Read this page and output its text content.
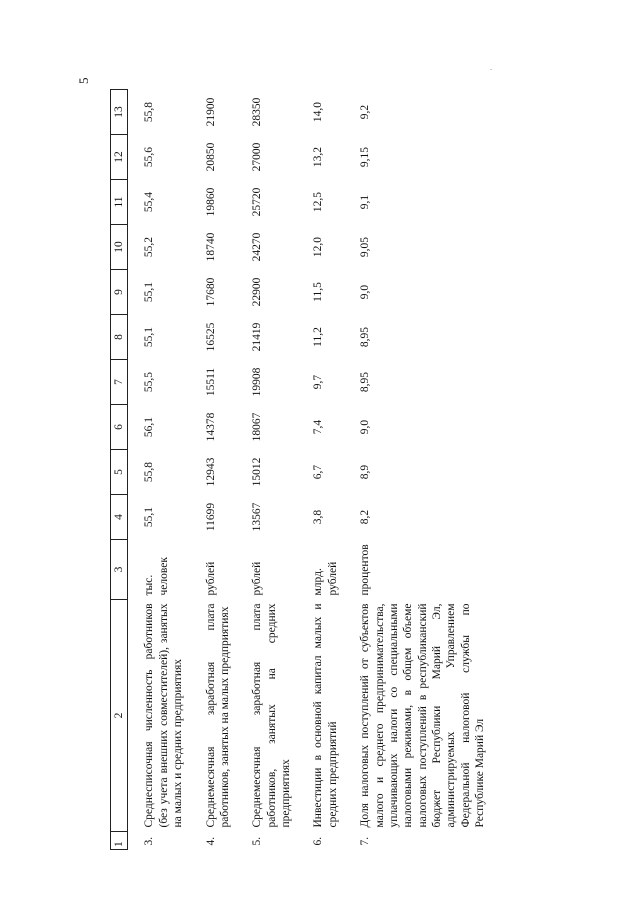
5
-
1	2	3	4	5	6	7	8	9	10	11	12	13
3.	Среднесписочная численность работников (без учета внешних совместителей), занятых на малых и средних предприятиях	тыс. человек	55,1	55,8	56,1	55,5	55,1	55,1	55,2	55,4	55,6	55,8
4.	Среднемесячная заработная плата работников, занятых на малых предприятиях	рублей	11699	12943	14378	15511	16525	17680	18740	19860	20850	21900
5.	Среднемесячная заработная плата работников, занятых на средних предприятиях	рублей	13567	15012	18067	19908	21419	22900	24270	25720	27000	28350
6.	Инвестиции в основной капитал малых и средних предприятий	млрд. рублей	3,8	6,7	7,4	9,7	11,2	11,5	12,0	12,5	13,2	14,0
7.	Доля налоговых поступлений от субъектов малого и среднего предпринимательства, уплачивающих налоги со специальными налоговыми режимами, в общем объеме налоговых поступлений в республиканский бюджет Республики Марий Эл, администрируемых Управлением Федеральной налоговой службы по Республике Марий Эл	процентов	8,2	8,9	9,0	8,95	8,95	9,0	9,05	9,1	9,15	9,2
